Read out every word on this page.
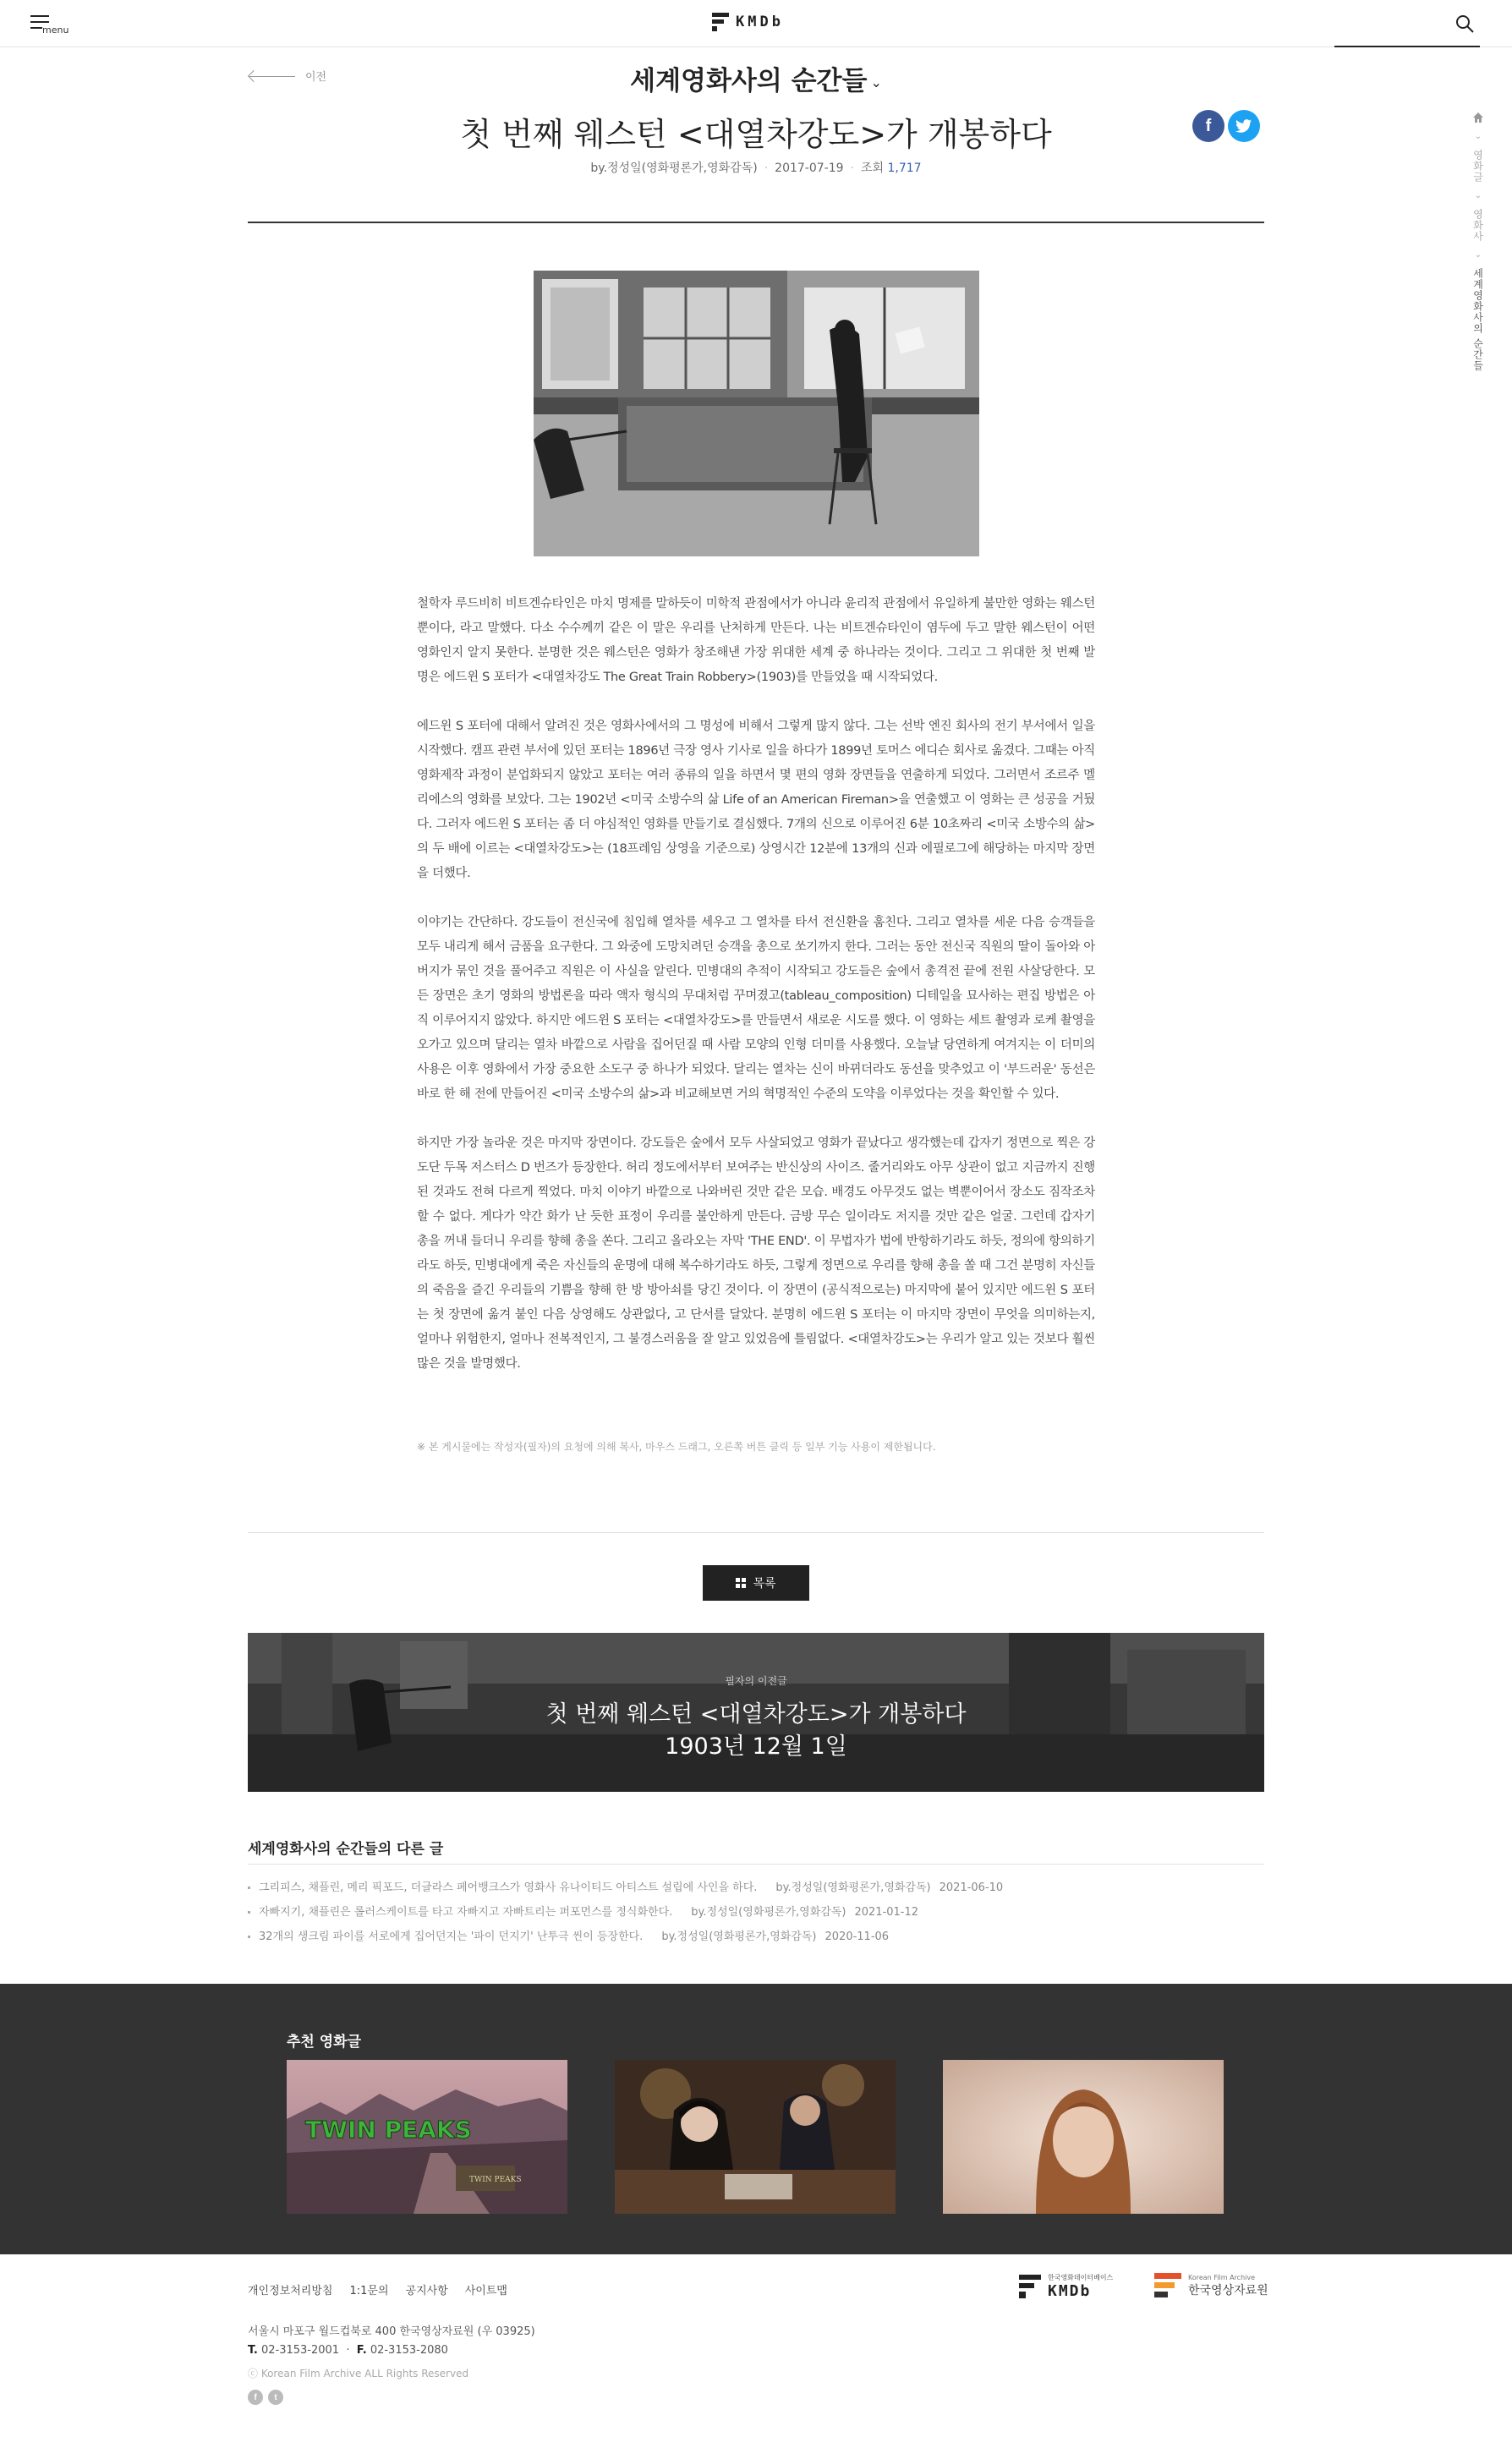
menu	KMDb
이전	세계영화사의 순간들 ⌄
첫 번째 웨스턴 <대열차강도>가 개봉하다	f
by.정성일(영화평론가,영화감독) · 2017-07-19 · 조회 1,717
⌄
영화글
⌄
영화사
⌄
세계영화사의 순간들

철학자 루드비히 비트겐슈타인은 마치 명제를 말하듯이 미학적 관점에서가 아니라 윤리적 관점에서 유일하게 불만한 영화는 웨스턴뿐이다, 라고 말했다. 다소 수수께끼 같은 이 말은 우리를 난처하게 만든다. 나는 비트겐슈타인이 염두에 두고 말한 웨스턴이 어떤 영화인지 알지 못한다. 분명한 것은 웨스턴은 영화가 창조해낸 가장 위대한 세계 중 하나라는 것이다. 그리고 그 위대한 첫 번째 발명은 에드윈 S 포터가 <대열차강도 The Great Train Robbery>(1903)를 만들었을 때 시작되었다.

에드윈 S 포터에 대해서 알려진 것은 영화사에서의 그 명성에 비해서 그렇게 많지 않다. 그는 선박 엔진 회사의 전기 부서에서 일을 시작했다. 캠프 관련 부서에 있던 포터는 1896년 극장 영사 기사로 일을 하다가 1899년 토머스 에디슨 회사로 옮겼다. 그때는 아직 영화제작 과정이 분업화되지 않았고 포터는 여러 종류의 일을 하면서 몇 편의 영화 장면들을 연출하게 되었다. 그러면서 조르주 멜리에스의 영화를 보았다. 그는 1902년 <미국 소방수의 삶 Life of an American Fireman>을 연출했고 이 영화는 큰 성공을 거뒀다. 그러자 에드윈 S 포터는 좀 더 야심적인 영화를 만들기로 결심했다. 7개의 신으로 이루어진 6분 10초짜리 <미국 소방수의 삶>의 두 배에 이르는 <대열차강도>는 (18프레임 상영을 기준으로) 상영시간 12분에 13개의 신과 에필로그에 해당하는 마지막 장면을 더했다.

이야기는 간단하다. 강도들이 전신국에 침입해 열차를 세우고 그 열차를 타서 전신환을 훔친다. 그리고 열차를 세운 다음 승객들을 모두 내리게 해서 금품을 요구한다. 그 와중에 도망치려던 승객을 총으로 쏘기까지 한다. 그러는 동안 전신국 직원의 딸이 돌아와 아버지가 묶인 것을 풀어주고 직원은 이 사실을 알린다. 민병대의 추적이 시작되고 강도들은 숲에서 총격전 끝에 전원 사살당한다. 모든 장면은 초기 영화의 방법론을 따라 액자 형식의 무대처럼 꾸며졌고(tableau_composition) 디테일을 묘사하는 편집 방법은 아직 이루어지지 않았다. 하지만 에드윈 S 포터는 <대열차강도>를 만들면서 새로운 시도를 했다. 이 영화는 세트 촬영과 로케 촬영을 오가고 있으며 달리는 열차 바깥으로 사람을 집어던질 때 사람 모양의 인형 더미를 사용했다. 오늘날 당연하게 여겨지는 이 더미의 사용은 이후 영화에서 가장 중요한 소도구 중 하나가 되었다. 달리는 열차는 신이 바뀌더라도 동선을 맞추었고 이 '부드러운' 동선은 바로 한 해 전에 만들어진 <미국 소방수의 삶>과 비교해보면 거의 혁명적인 수준의 도약을 이루었다는 것을 확인할 수 있다.

하지만 가장 놀라운 것은 마지막 장면이다. 강도들은 숲에서 모두 사살되었고 영화가 끝났다고 생각했는데 갑자기 정면으로 찍은 강도단 두목 저스터스 D 번즈가 등장한다. 허리 정도에서부터 보여주는 반신상의 사이즈. 줄거리와도 아무 상관이 없고 지금까지 진행된 것과도 전혀 다르게 찍었다. 마치 이야기 바깥으로 나와버린 것만 같은 모습. 배경도 아무것도 없는 벽뿐이어서 장소도 짐작조차 할 수 없다. 게다가 약간 화가 난 듯한 표정이 우리를 불안하게 만든다. 금방 무슨 일이라도 저지를 것만 같은 얼굴. 그런데 갑자기 총을 꺼내 들더니 우리를 향해 총을 쏜다. 그리고 올라오는 자막 'THE END'. 이 무법자가 법에 반항하기라도 하듯, 정의에 항의하기라도 하듯, 민병대에게 죽은 자신들의 운명에 대해 복수하기라도 하듯, 그렇게 정면으로 우리를 향해 총을 쏠 때 그건 분명히 자신들의 죽음을 즐긴 우리들의 기쁨을 향해 한 방 방아쇠를 당긴 것이다. 이 장면이 (공식적으로는) 마지막에 붙어 있지만 에드윈 S 포터는 첫 장면에 옮겨 붙인 다음 상영해도 상관없다, 고 단서를 달았다. 분명히 에드윈 S 포터는 이 마지막 장면이 무엇을 의미하는지, 얼마나 위험한지, 얼마나 전복적인지, 그 불경스러움을 잘 알고 있었음에 틀림없다. <대열차강도>는 우리가 알고 있는 것보다 훨씬 많은 것을 발명했다.

※ 본 게시물에는 작성자(필자)의 요청에 의해 복사, 마우스 드래그, 오른쪽 버튼 클릭 등 일부 기능 사용이 제한됩니다.
목록
필자의 이전글
첫 번째 웨스턴 <대열차강도>가 개봉하다
1903년 12월 1일
세계영화사의 순간들의 다른 글
그리피스, 채플린, 메리 픽포드, 더글라스 페어뱅크스가 영화사 유나이티드 아티스트 설립에 사인을 하다. by.정성일(영화평론가,영화감독) 2021-06-10
자빠지기, 채플린은 롤러스케이트를 타고 자빠지고 자빠트리는 퍼포먼스를 정식화한다. by.정성일(영화평론가,영화감독) 2021-01-12
32개의 생크림 파이를 서로에게 집어던지는 '파이 던지기' 난투극 씬이 등장한다. by.정성일(영화평론가,영화감독) 2020-11-06
추천 영화글
TWIN PEAKS
TWIN PEAKS
개인정보처리방침 1:1문의 공지사항 사이트맵
서울시 마포구 월드컵북로 400 한국영상자료원 (우 03925)
T. 02-3153-2001  ·  F. 02-3153-2080
ⓒ Korean Film Archive ALL Rights Reserved
f	t
한국영화데이터베이스
KMDb
Korean Film Archive
한국영상자료원
